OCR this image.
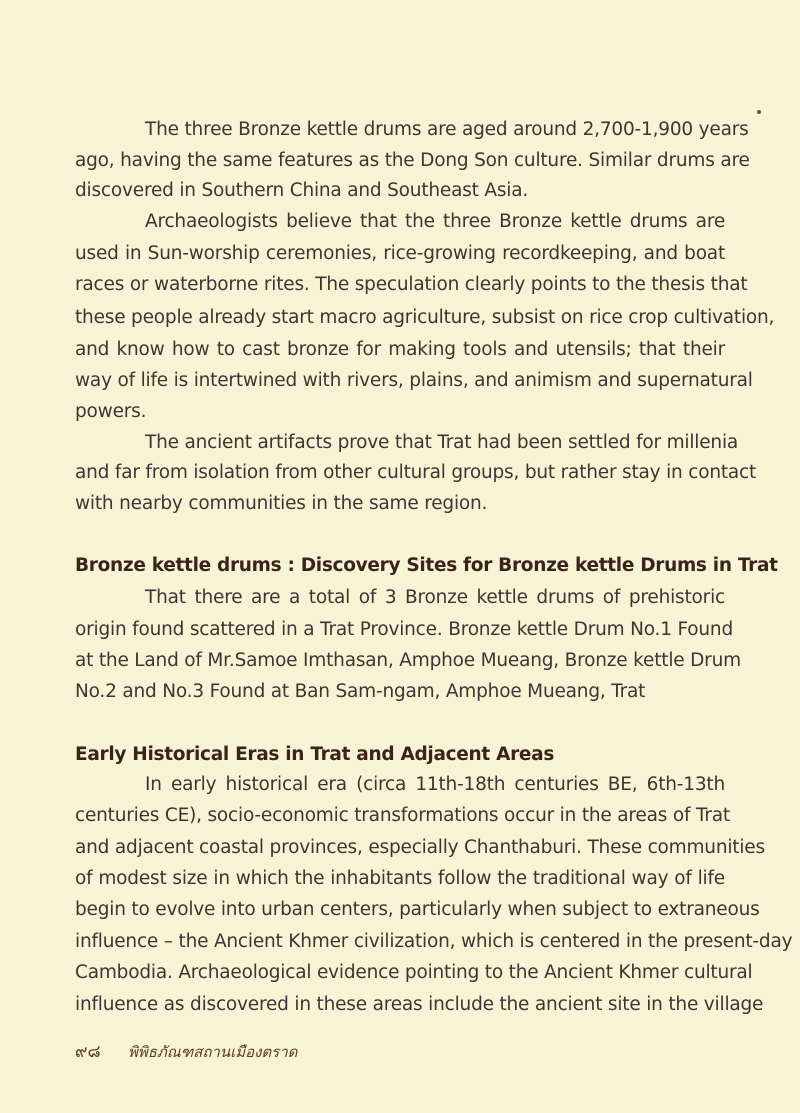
The three Bronze kettle drums are aged around 2,700-1,900 years
ago, having the same features as the Dong Son culture. Similar drums are
discovered in Southern China and Southeast Asia.
Archaeologists believe that the three Bronze kettle drums are
used in Sun-worship ceremonies, rice-growing recordkeeping, and boat
races or waterborne rites. The speculation clearly points to the thesis that
these people already start macro agriculture, subsist on rice crop cultivation,
and know how to cast bronze for making tools and utensils; that their
way of life is intertwined with rivers, plains, and animism and supernatural
powers.
The ancient artifacts prove that Trat had been settled for millenia
and far from isolation from other cultural groups, but rather stay in contact
with nearby communities in the same region.
Bronze kettle drums : Discovery Sites for Bronze kettle Drums in Trat
That there are a total of 3 Bronze kettle drums of prehistoric
origin found scattered in a Trat Province. Bronze kettle Drum No.1 Found
at the Land of Mr.Samoe Imthasan, Amphoe Mueang, Bronze kettle Drum
No.2 and No.3 Found at Ban Sam-ngam, Amphoe Mueang, Trat
Early Historical Eras in Trat and Adjacent Areas
In early historical era (circa 11th-18th centuries BE, 6th-13th
centuries CE), socio-economic transformations occur in the areas of Trat
and adjacent coastal provinces, especially Chanthaburi. These communities
of modest size in which the inhabitants follow the traditional way of life
begin to evolve into urban centers, particularly when subject to extraneous
influence – the Ancient Khmer civilization, which is centered in the present-day
Cambodia. Archaeological evidence pointing to the Ancient Khmer cultural
influence as discovered in these areas include the ancient site in the village
๙๘ พิพิธภัณฑสถานเมืองตราด
